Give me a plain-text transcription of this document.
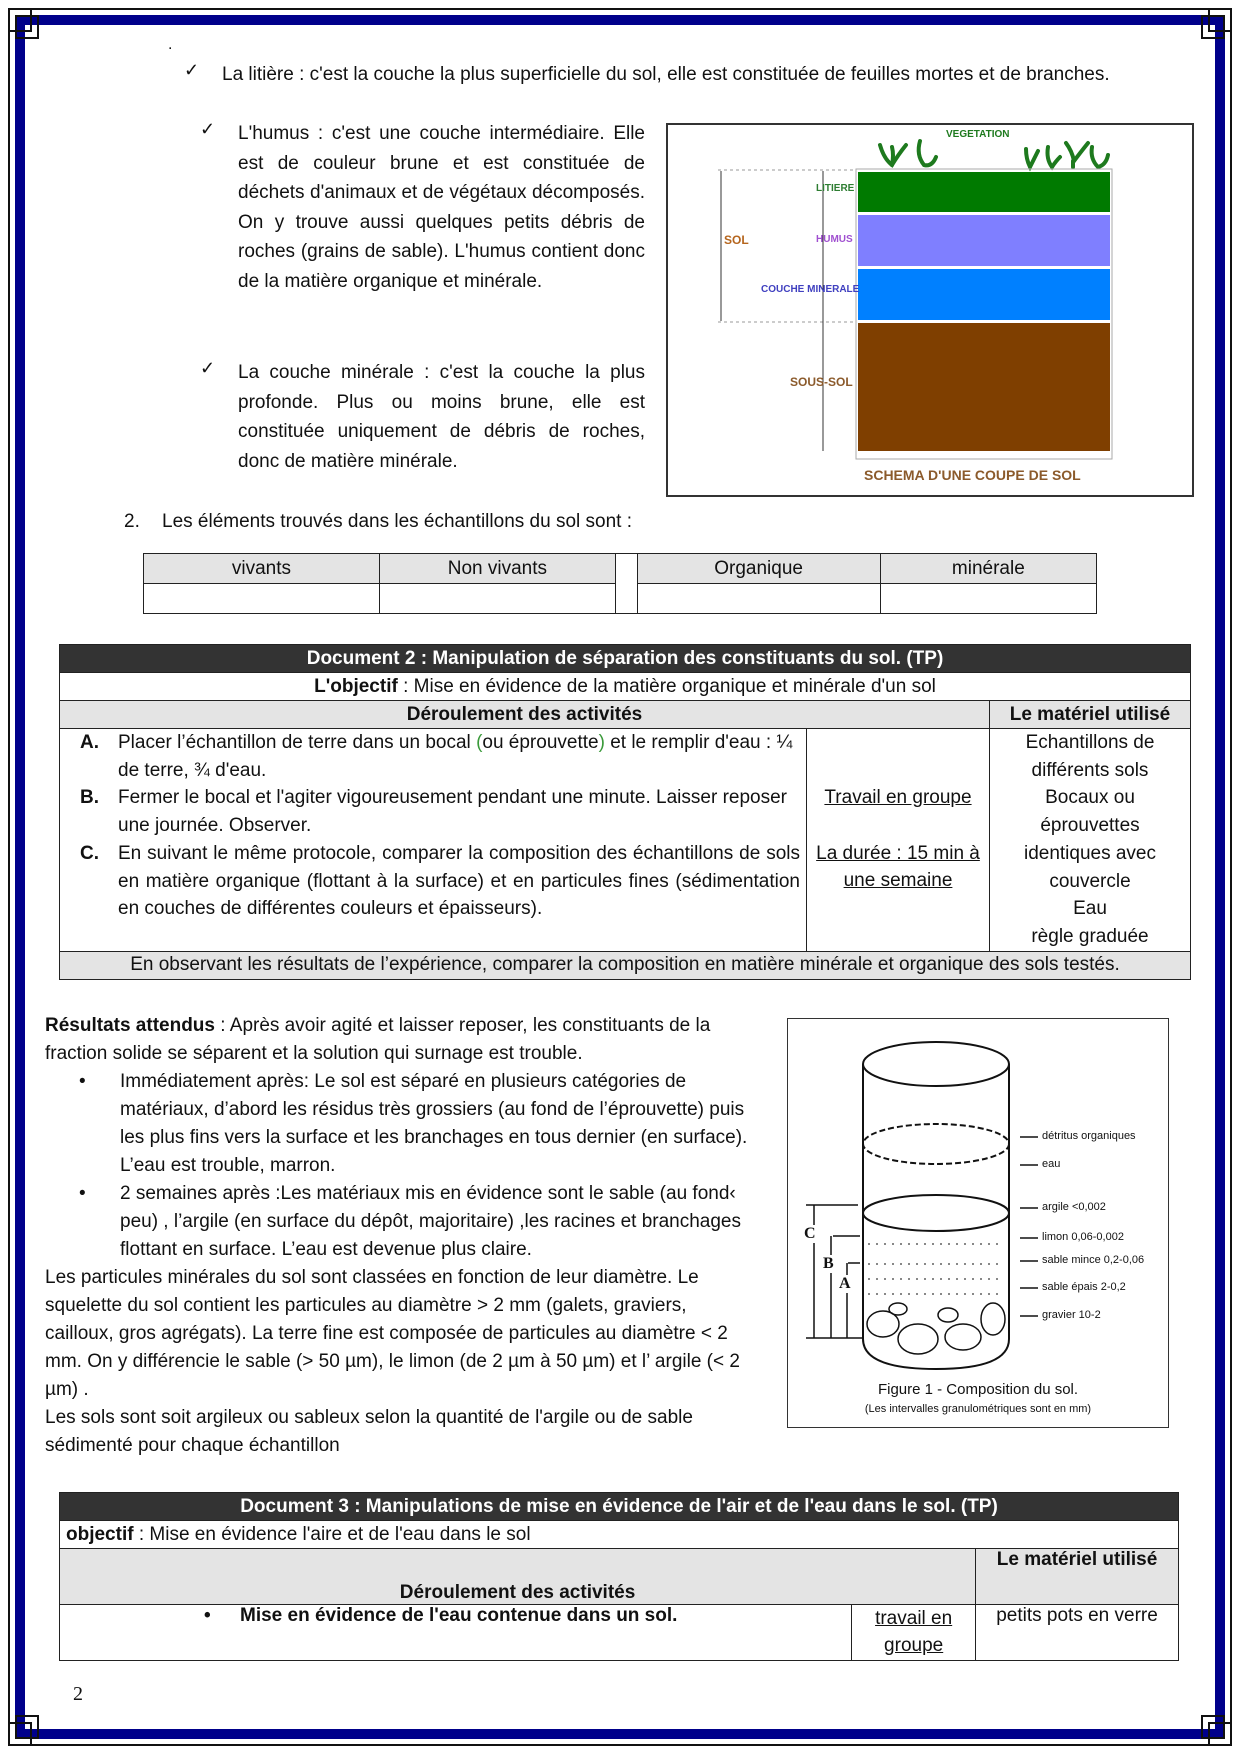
.
✓ La litière : c'est la couche la plus superficielle du sol, elle est constituée de feuilles mortes et de branches.
✓ L'humus : c'est une couche intermédiaire. Elle est de couleur brune et est constituée de déchets d'animaux et de végétaux décomposés. On y trouve aussi quelques petits débris de roches (grains de sable). L'humus contient donc de la matière organique et minérale.
✓ La couche minérale : c'est la couche la plus profonde. Plus ou moins brune, elle est constituée uniquement de débris de roches, donc de matière minérale.
VEGETATION
SOL
LITIERE
HUMUS
COUCHE MINERALE
SOUS-SOL
SCHEMA D'UNE COUPE DE SOL
2. Les éléments trouvés dans les échantillons du sol sont :
vivants	Non vivants		Organique	minérale

Document 2 : Manipulation de séparation des constituants du sol. (TP)		
L'objectif : Mise en évidence de la matière organique et minérale d'un sol		
Déroulement des activités		Le matériel utilisé

A. Placer l’échantillon de terre dans un bocal (ou éprouvette) et le remplir d'eau : ¼ de terre, ¾ d'eau.
B. Fermer le bocal et l'agiter vigoureusement pendant une minute. Laisser reposer une journée. Observer.
C. En suivant le même protocole, comparer la composition des échantillons de sols en matière organique (flottant à la surface) et en particules fines (sédimentation en couches de différentes couleurs et épaisseurs).

Travail en groupe
La durée : 15 min à une semaine

Echantillons de différents sols
Bocaux ou éprouvettes identiques avec couvercle
Eau
règle graduée

En observant les résultats de l’expérience, comparer la composition en matière minérale et organique des sols testés.		
Résultats attendus : Après avoir agité et laisser reposer, les constituants de la fraction solide se séparent et la solution qui surnage est trouble.
• Immédiatement après: Le sol est séparé en plusieurs catégories de matériaux, d’abord les résidus très grossiers (au fond de l’éprouvette) puis les plus fins vers la surface et les branchages en tous dernier (en surface). L’eau est trouble, marron.
• 2 semaines après :Les matériaux mis en évidence sont le sable (au fond‹ peu) , l’argile (en surface du dépôt, majoritaire) ,les racines et branchages flottant en surface. L’eau est devenue plus claire.
Les particules minérales du sol sont classées en fonction de leur diamètre. Le squelette du sol contient les particules au diamètre > 2 mm (galets, graviers, cailloux, gros agrégats). La terre fine est composée de particules au diamètre < 2 mm. On y différencie le sable (> 50 µm), le limon (de 2 µm à 50 µm) et l’ argile (< 2 µm) .
Les sols sont soit argileux ou sableux selon la quantité de l'argile ou de sable sédimenté pour chaque échantillon
C
B
A
détritus organiques
eau
argile <0,002
limon 0,06-0,002
sable mince 0,2-0,06
sable épais 2-0,2
gravier 10-2
Figure 1 - Composition du sol.
(Les intervalles granulométriques sont en mm)
Document 3 : Manipulations de mise en évidence de l'air et de l'eau dans le sol. (TP)		
objectif : Mise en évidence l'aire et de l'eau dans le sol		
Déroulement des activités		Le matériel utilisé

• Mise en évidence de l'eau contenue dans un sol.	travail en groupe	petits pots en verre
2
